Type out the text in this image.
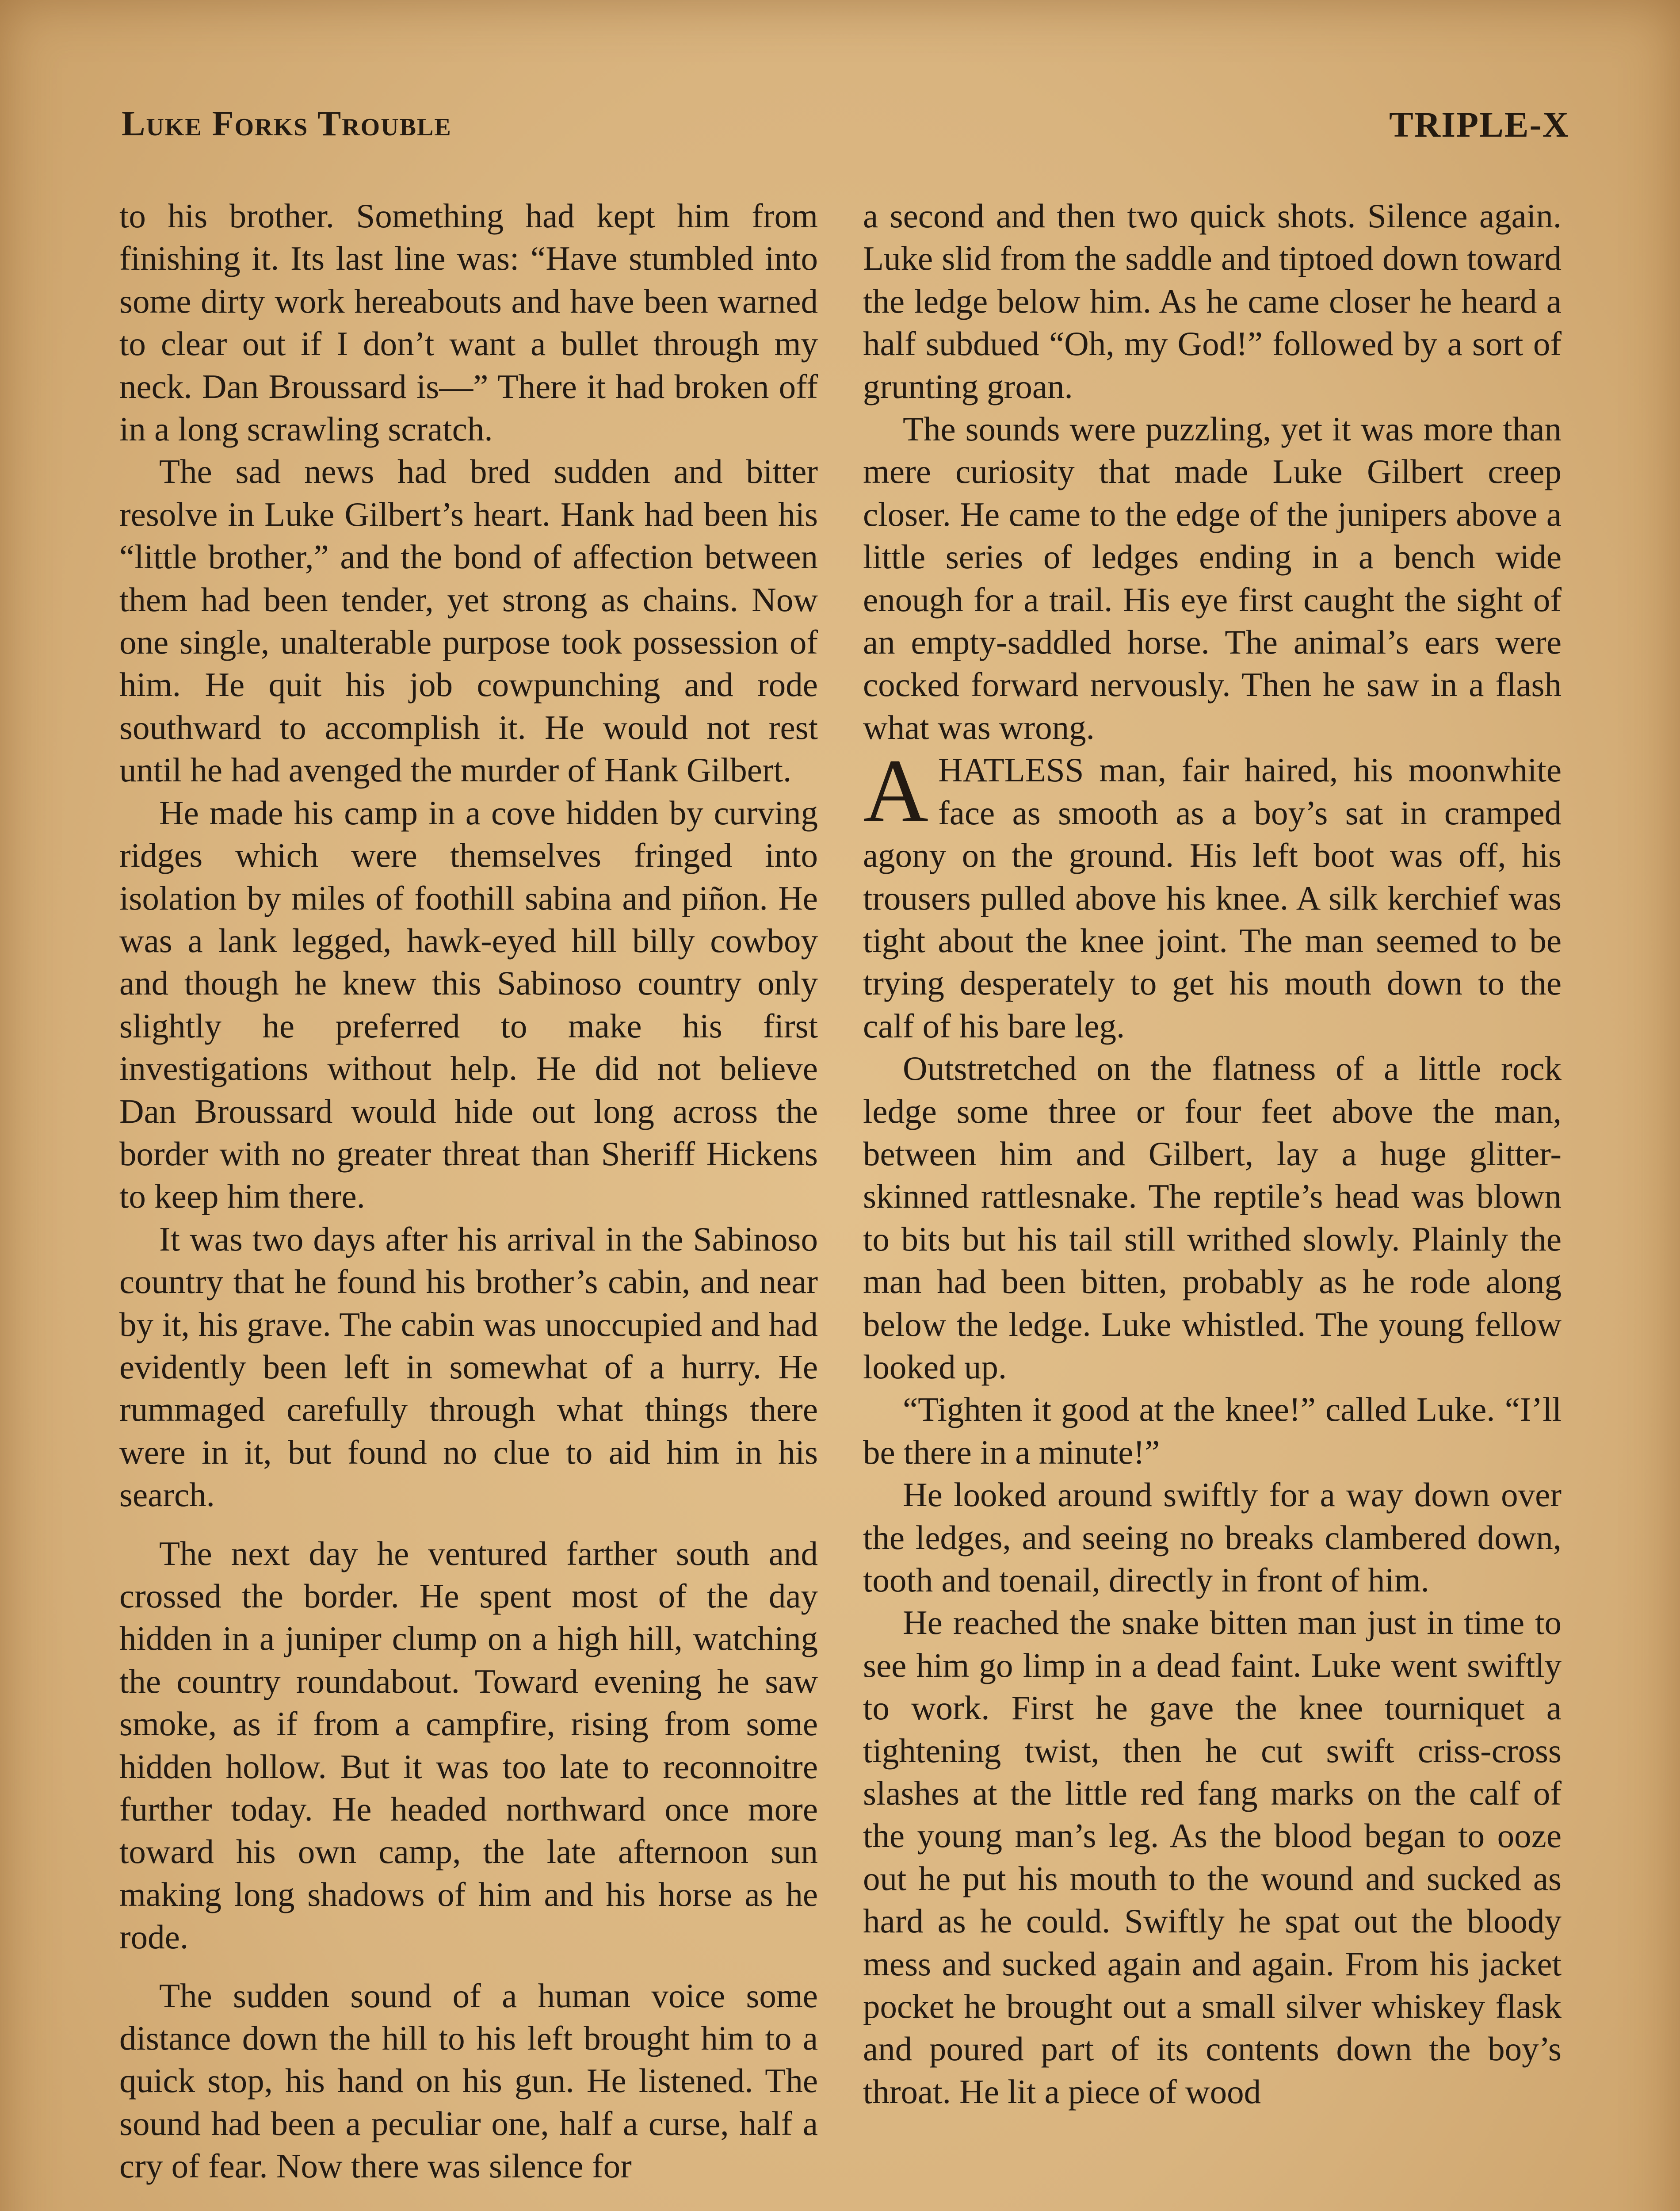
Luke Forks Trouble	TRIPLE-X

to his brother. Something had kept him from finishing it. Its last line was: “Have stumbled into some dirty work hereabouts and have been warned to clear out if I don’t want a bullet through my neck. Dan Broussard is—” There it had broken off in a long scrawling scratch.

The sad news had bred sudden and bitter resolve in Luke Gilbert’s heart. Hank had been his “little brother,” and the bond of affection between them had been tender, yet strong as chains. Now one single, unalterable purpose took possession of him. He quit his job cowpunching and rode southward to accomplish it. He would not rest until he had avenged the murder of Hank Gilbert.

He made his camp in a cove hidden by curving ridges which were themselves fringed into isolation by miles of foothill sabina and piñon. He was a lank legged, hawk-eyed hill billy cowboy and though he knew this Sabinoso country only slightly he preferred to make his first investigations without help. He did not believe Dan Broussard would hide out long across the border with no greater threat than Sheriff Hickens to keep him there.

It was two days after his arrival in the Sabinoso country that he found his brother’s cabin, and near by it, his grave. The cabin was unoccupied and had evidently been left in somewhat of a hurry. He rummaged carefully through what things there were in it, but found no clue to aid him in his search.

The next day he ventured farther south and crossed the border. He spent most of the day hidden in a juniper clump on a high hill, watching the country roundabout. Toward evening he saw smoke, as if from a campfire, rising from some hidden hollow. But it was too late to reconnoitre further today. He headed northward once more toward his own camp, the late afternoon sun making long shadows of him and his horse as he rode.

The sudden sound of a human voice some distance down the hill to his left brought him to a quick stop, his hand on his gun. He listened. The sound had been a peculiar one, half a curse, half a cry of fear. Now there was silence for

a second and then two quick shots. Silence again. Luke slid from the saddle and tiptoed down toward the ledge below him. As he came closer he heard a half subdued “Oh, my God!” followed by a sort of grunting groan.

The sounds were puzzling, yet it was more than mere curiosity that made Luke Gilbert creep closer. He came to the edge of the junipers above a little series of ledges ending in a bench wide enough for a trail. His eye first caught the sight of an empty-saddled horse. The animal’s ears were cocked forward nervously. Then he saw in a flash what was wrong.

AHATLESS man, fair haired, his moonwhite face as smooth as a boy’s sat in cramped agony on the ground. His left boot was off, his trousers pulled above his knee. A silk kerchief was tight about the knee joint. The man seemed to be trying desperately to get his mouth down to the calf of his bare leg.

Outstretched on the flatness of a little rock ledge some three or four feet above the man, between him and Gilbert, lay a huge glitter-skinned rattlesnake. The reptile’s head was blown to bits but his tail still writhed slowly. Plainly the man had been bitten, probably as he rode along below the ledge. Luke whistled. The young fellow looked up.

“Tighten it good at the knee!” called Luke. “I’ll be there in a minute!”

He looked around swiftly for a way down over the ledges, and seeing no breaks clambered down, tooth and toenail, directly in front of him.

He reached the snake bitten man just in time to see him go limp in a dead faint. Luke went swiftly to work. First he gave the knee tourniquet a tightening twist, then he cut swift criss-cross slashes at the little red fang marks on the calf of the young man’s leg. As the blood began to ooze out he put his mouth to the wound and sucked as hard as he could. Swiftly he spat out the bloody mess and sucked again and again. From his jacket pocket he brought out a small silver whiskey flask and poured part of its contents down the boy’s throat. He lit a piece of wood
